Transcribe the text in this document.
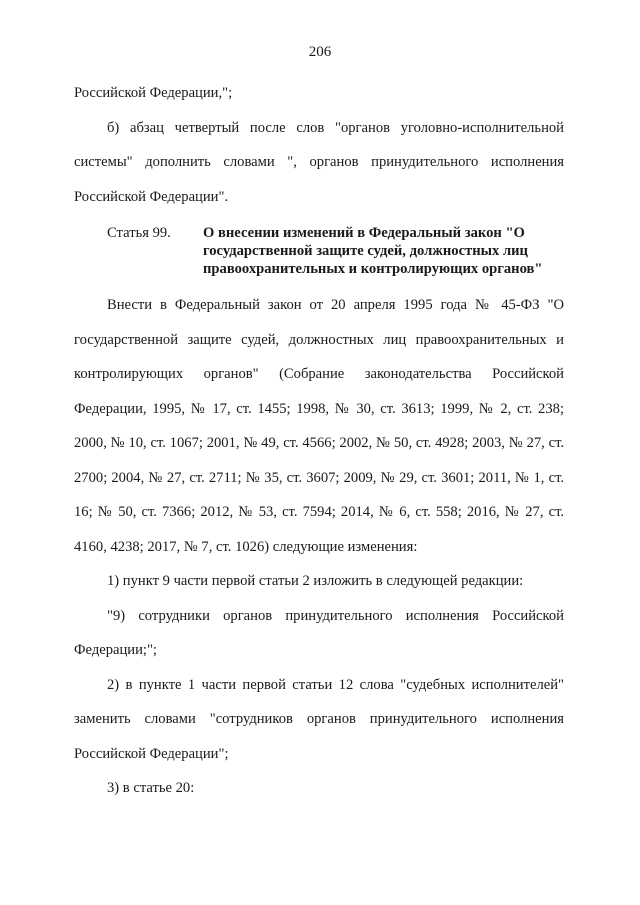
206

Российской Федерации,";

б) абзац четвертый после слов "органов уголовно-исполнительной системы" дополнить словами ", органов принудительного исполнения Российской Федерации".

Статья 99.	О внесении изменений в Федеральный закон "О государственной защите судей, должностных лиц правоохранительных и контролирующих органов"

Внести в Федеральный закон от 20 апреля 1995 года № 45-ФЗ "О государственной защите судей, должностных лиц правоохранительных и контролирующих органов" (Собрание законодательства Российской Федерации, 1995, № 17, ст. 1455; 1998, № 30, ст. 3613; 1999, № 2, ст. 238; 2000, № 10, ст. 1067; 2001, № 49, ст. 4566; 2002, № 50, ст. 4928; 2003, № 27, ст. 2700; 2004, № 27, ст. 2711; № 35, ст. 3607; 2009, № 29, ст. 3601; 2011, № 1, ст. 16; № 50, ст. 7366; 2012, № 53, ст. 7594; 2014, № 6, ст. 558; 2016, № 27, ст. 4160, 4238; 2017, № 7, ст. 1026) следующие изменения:

1) пункт 9 части первой статьи 2 изложить в следующей редакции:

"9) сотрудники органов принудительного исполнения Российской Федерации;";

2) в пункте 1 части первой статьи 12 слова "судебных исполнителей" заменить словами "сотрудников органов принудительного исполнения Российской Федерации";

3) в статье 20:
